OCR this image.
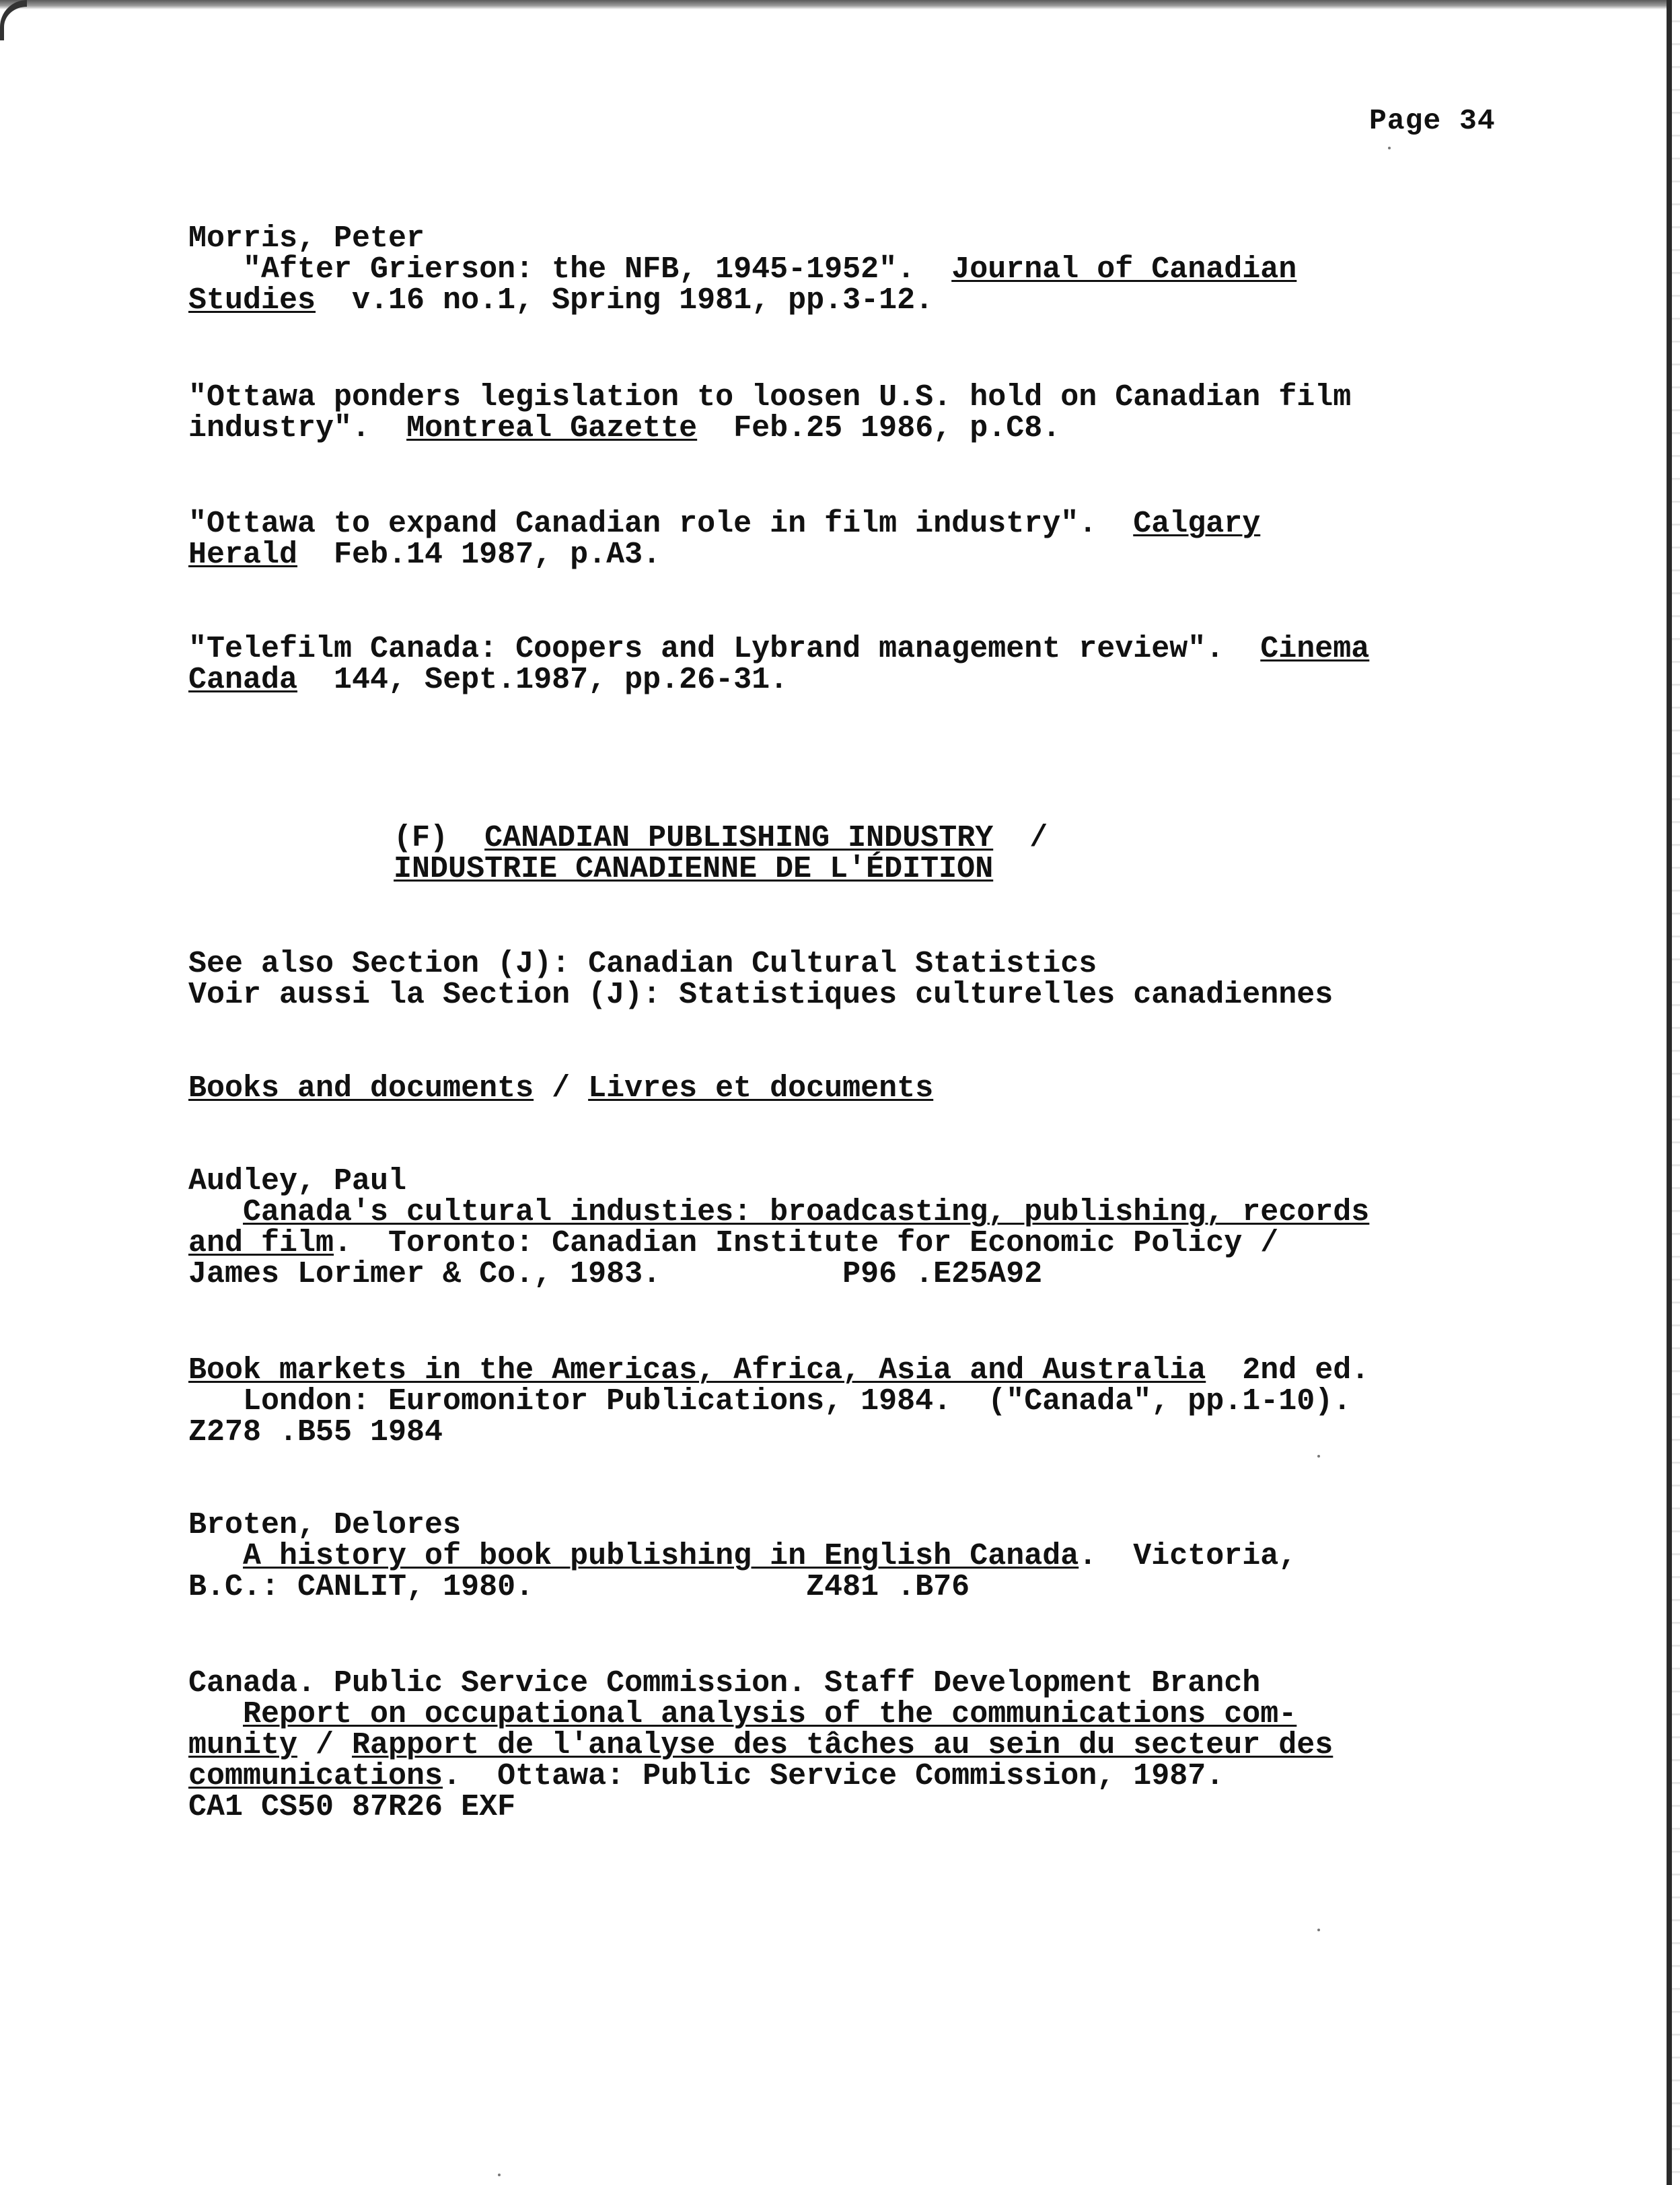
Page 34
Morris, Peter
"After Grierson: the NFB, 1945-1952".  Journal of Canadian
Studies  v.16 no.1, Spring 1981, pp.3-12.
"Ottawa ponders legislation to loosen U.S. hold on Canadian film
industry".  Montreal Gazette  Feb.25 1986, p.C8.
"Ottawa to expand Canadian role in film industry".  Calgary
Herald  Feb.14 1987, p.A3.
"Telefilm Canada: Coopers and Lybrand management review".  Cinema
Canada  144, Sept.1987, pp.26-31.
(F)  CANADIAN PUBLISHING INDUSTRY  /
INDUSTRIE CANADIENNE DE L'ÉDITION
See also Section (J): Canadian Cultural Statistics
Voir aussi la Section (J): Statistiques culturelles canadiennes
Books and documents / Livres et documents
Audley, Paul
Canada's cultural industies: broadcasting, publishing, records
and film.  Toronto: Canadian Institute for Economic Policy /
James Lorimer & Co., 1983.          P96 .E25A92
Book markets in the Americas, Africa, Asia and Australia  2nd ed.
London: Euromonitor Publications, 1984.  ("Canada", pp.1-10).
Z278 .B55 1984
Broten, Delores
A history of book publishing in English Canada.  Victoria,
B.C.: CANLIT, 1980.               Z481 .B76
Canada. Public Service Commission. Staff Development Branch
Report on occupational analysis of the communications com-
munity / Rapport de l'analyse des tâches au sein du secteur des
communications.  Ottawa: Public Service Commission, 1987.
CA1 CS50 87R26 EXF
